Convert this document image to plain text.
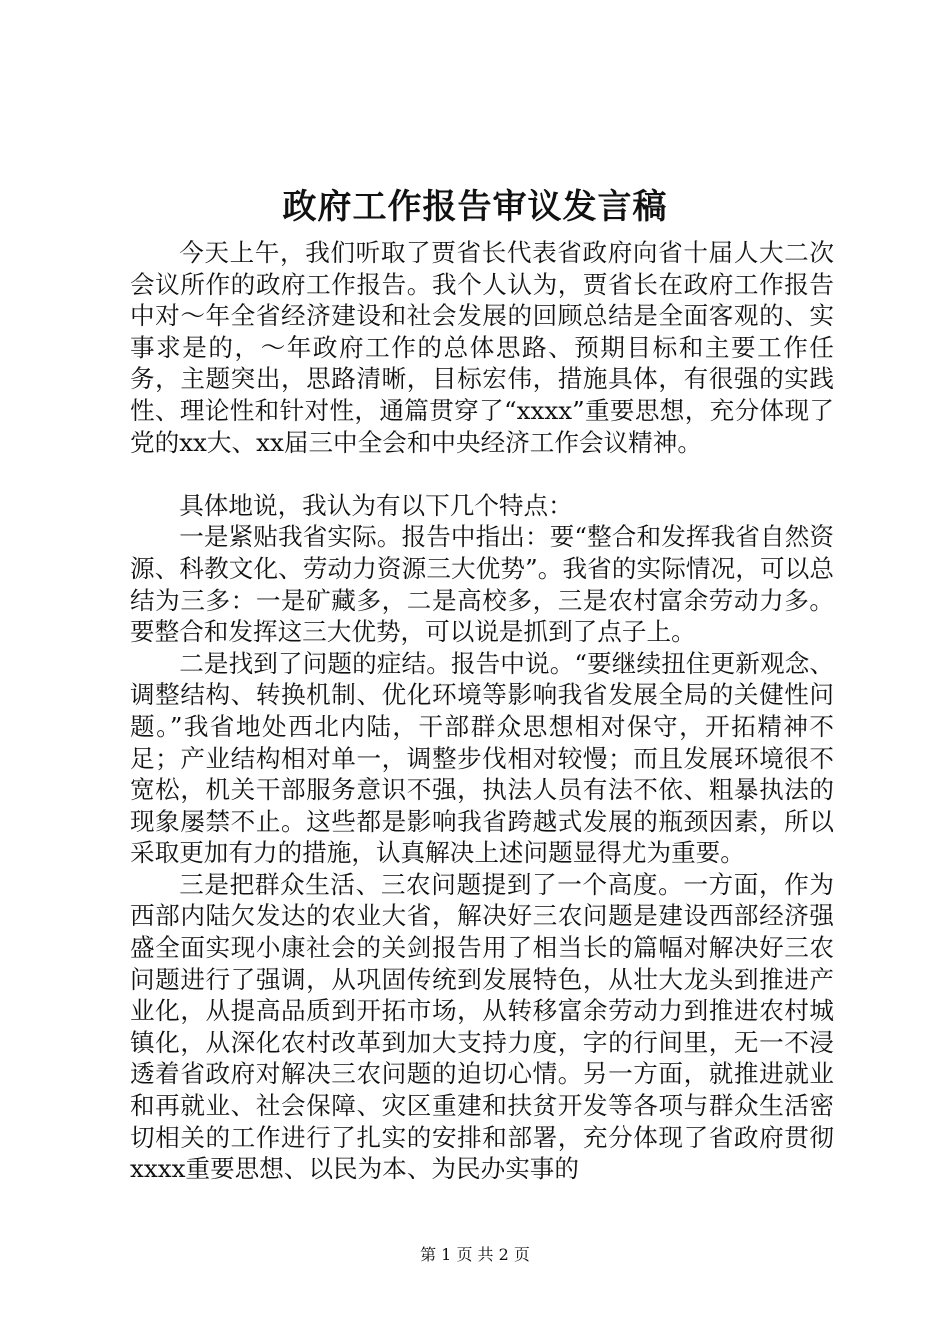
政府工作报告审议发言稿

今天上午，我们听取了贾省长代表省政府向省十届人大二次会议所作的政府工作报告。我个人认为，贾省长在政府工作报告中对～年全省经济建设和社会发展的回顾总结是全面客观的、实事求是的，～年政府工作的总体思路、预期目标和主要工作任务，主题突出，思路清晰，目标宏伟，措施具体，有很强的实践性、理论性和针对性，通篇贯穿了“xxxx”重要思想，充分体现了党的xx大、xx届三中全会和中央经济工作会议精神。

具体地说，我认为有以下几个特点：

一是紧贴我省实际。报告中指出：要“整合和发挥我省自然资源、科教文化、劳动力资源三大优势”。我省的实际情况，可以总结为三多：一是矿藏多，二是高校多，三是农村富余劳动力多。要整合和发挥这三大优势，可以说是抓到了点子上。

二是找到了问题的症结。报告中说。“要继续扭住更新观念、调整结构、转换机制、优化环境等影响我省发展全局的关健性问题。”我省地处西北内陆，干部群众思想相对保守，开拓精神不足；产业结构相对单一，调整步伐相对较慢；而且发展环境很不宽松，机关干部服务意识不强，执法人员有法不依、粗暴执法的现象屡禁不止。这些都是影响我省跨越式发展的瓶颈因素，所以采取更加有力的措施，认真解决上述问题显得尤为重要。

三是把群众生活、三农问题提到了一个高度。一方面，作为西部内陆欠发达的农业大省，解决好三农问题是建设西部经济强盛全面实现小康社会的关剑报告用了相当长的篇幅对解决好三农问题进行了强调，从巩固传统到发展特色，从壮大龙头到推进产业化，从提高品质到开拓市场，从转移富余劳动力到推进农村城镇化，从深化农村改革到加大支持力度，字的行间里，无一不浸透着省政府对解决三农问题的迫切心情。另一方面，就推进就业和再就业、社会保障、灾区重建和扶贫开发等各项与群众生活密切相关的工作进行了扎实的安排和部署，充分体现了省政府贯彻xxxx重要思想、以民为本、为民办实事的

第 1 页 共 2 页
